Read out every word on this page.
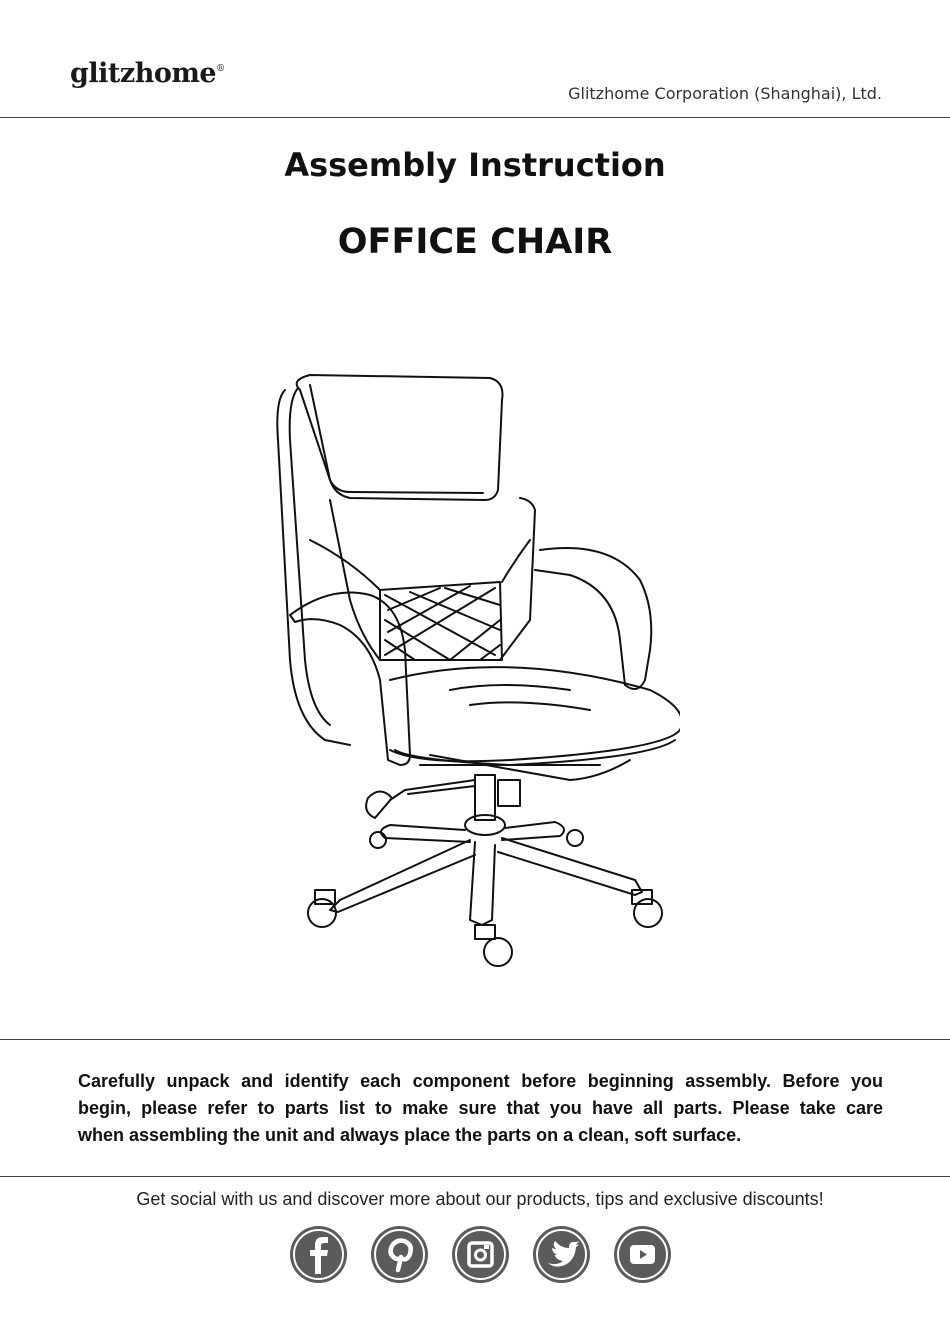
glitzhome®
Glitzhome Corporation (Shanghai), Ltd.
Assembly Instruction
OFFICE CHAIR
Carefully unpack and identify each component before beginning assembly. Before you
begin, please refer to parts list to make sure that you have all parts. Please take care
when assembling the unit and always place the parts on a clean, soft surface.
Get social with us and discover more about our products, tips and exclusive discounts!
